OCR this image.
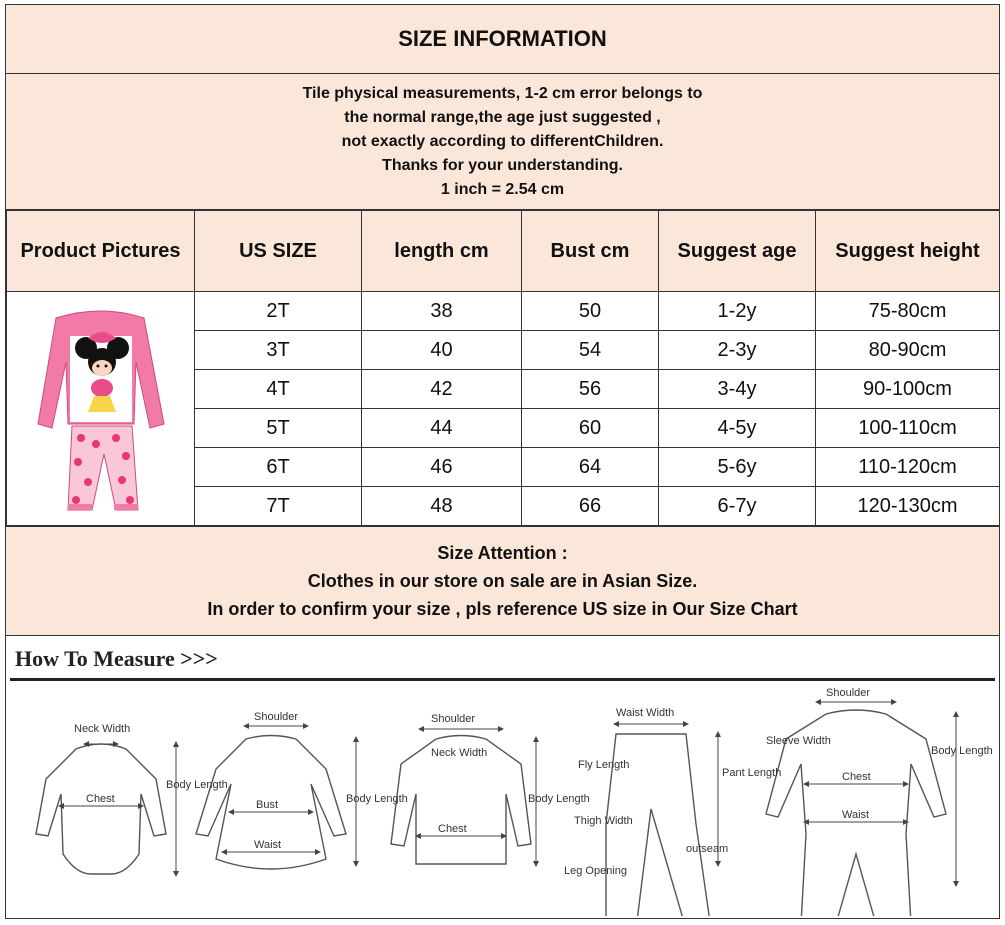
SIZE INFORMATION
Tile physical measurements, 1-2 cm error belongs to
the normal range,the age just suggested ,
not exactly according to differentChildren.
Thanks for your understanding.
1 inch = 2.54 cm
Product Pictures	US SIZE	length cm	Bust cm	Suggest age	Suggest height
	2T	38	50	1-2y	75-80cm
	3T	40	54	2-3y	80-90cm
	4T	42	56	3-4y	90-100cm
	5T	44	60	4-5y	100-110cm
	6T	46	64	5-6y	110-120cm
	7T	48	66	6-7y	120-130cm
Size Attention :
Clothes in our store on sale are in Asian Size.
In order to confirm your size , pls reference US size in Our Size Chart
How To Measure >>>
Neck Width
Chest
Body Length
Shoulder
Bust
Waist
Body Length
Shoulder
Neck Width
Chest
Body Length
Waist Width
Fly Length
Pant Length
Thigh Width
outseam
Leg Opening
Shoulder
Sleeve Width
Chest
Waist
Body Length
